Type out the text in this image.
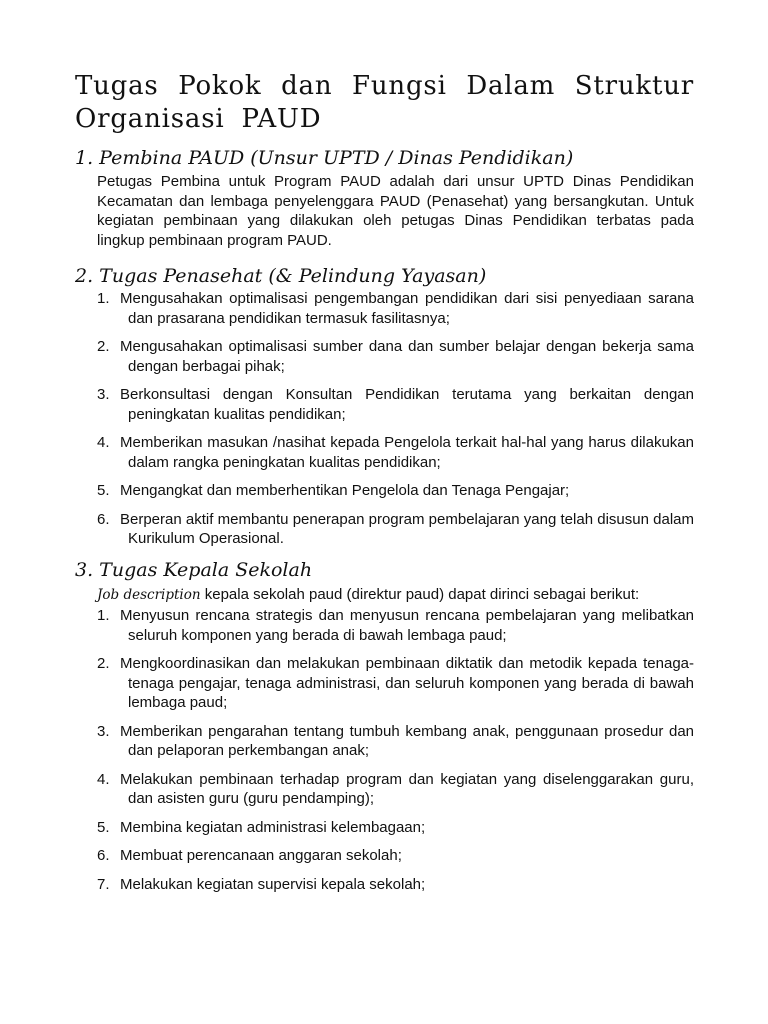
Tugas Pokok dan Fungsi Dalam Struktur
Organisasi PAUD
1. Pembina PAUD (Unsur UPTD / Dinas Pendidikan)

Petugas Pembina untuk Program PAUD adalah dari unsur UPTD Dinas Pendidikan Kecamatan dan lembaga penyelenggara PAUD (Penasehat) yang bersangkutan. Untuk kegiatan pembinaan yang dilakukan oleh petugas Dinas Pendidikan terbatas pada lingkup pembinaan program PAUD.

2. Tugas Penasehat (& Pelindung Yayasan)
1. Mengusahakan optimalisasi pengembangan pendidikan dari sisi penyediaan sarana dan prasarana pendidikan termasuk fasilitasnya;
2. Mengusahakan optimalisasi sumber dana dan sumber belajar dengan bekerja sama dengan berbagai pihak;
3. Berkonsultasi dengan Konsultan Pendidikan terutama yang berkaitan dengan peningkatan kualitas pendidikan;
4. Memberikan masukan /nasihat kepada Pengelola terkait hal-hal yang harus dilakukan dalam rangka peningkatan kualitas pendidikan;
5. Mengangkat dan memberhentikan Pengelola dan Tenaga Pengajar;
6. Berperan aktif membantu penerapan program pembelajaran yang telah disusun dalam Kurikulum Operasional.
3. Tugas Kepala Sekolah

Job description kepala sekolah paud (direktur paud) dapat dirinci sebagai berikut:

1. Menyusun rencana strategis dan menyusun rencana pembelajaran yang melibatkan seluruh komponen yang berada di bawah lembaga paud;
2. Mengkoordinasikan dan melakukan pembinaan diktatik dan metodik kepada tenaga-tenaga pengajar, tenaga administrasi, dan seluruh komponen yang berada di bawah lembaga paud;
3. Memberikan pengarahan tentang tumbuh kembang anak, penggunaan prosedur dan dan pelaporan perkembangan anak;
4. Melakukan pembinaan terhadap program dan kegiatan yang diselenggarakan guru, dan asisten guru (guru pendamping);
5. Membina kegiatan administrasi kelembagaan;
6. Membuat perencanaan anggaran sekolah;
7. Melakukan kegiatan supervisi kepala sekolah;
